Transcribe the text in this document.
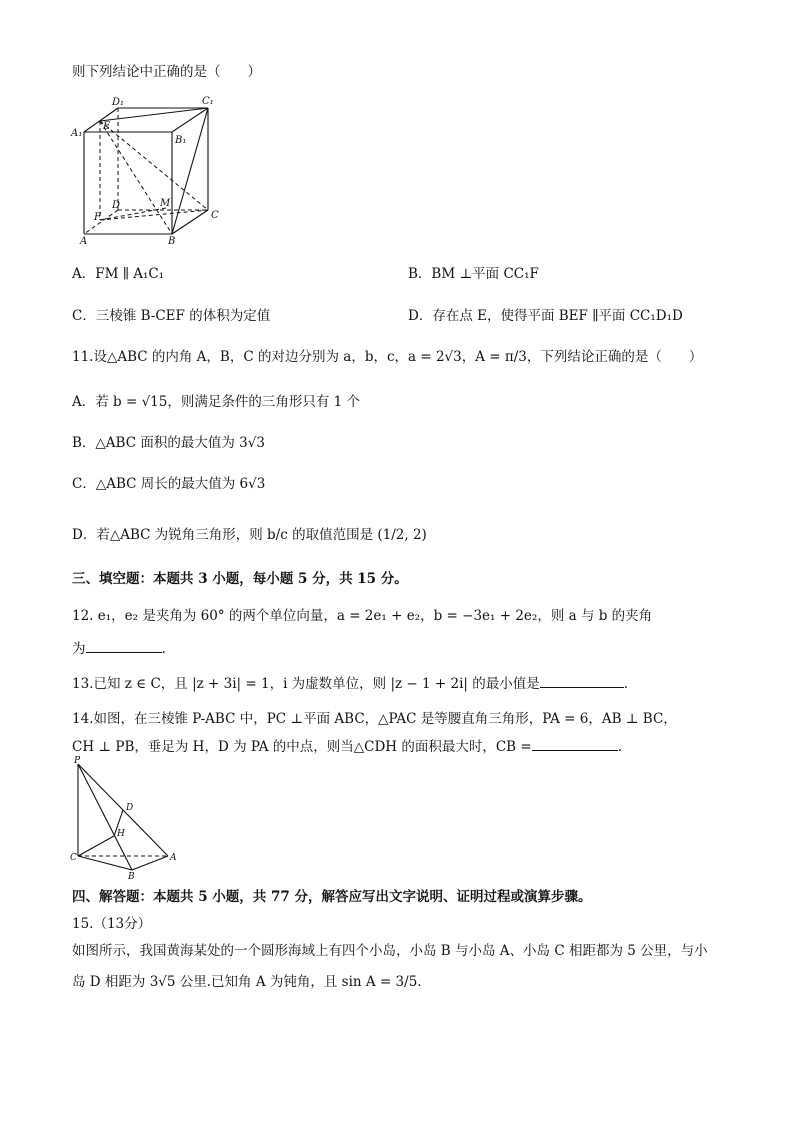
则下列结论中正确的是（　　）
D₁	C₁
A₁
E
B₁
D	M
F	C
A	B
A．FM ∥ A₁C₁	B．BM ⊥平面 CC₁F
C．三棱锥 B-CEF 的体积为定值	D．存在点 E，使得平面 BEF ∥平面 CC₁D₁D
11.设△ABC 的内角 A，B，C 的对边分别为 a，b，c，a = 2√3，A = π/3，下列结论正确的是（　　）
A．若 b = √15，则满足条件的三角形只有 1 个
B．△ABC 面积的最大值为 3√3
C．△ABC 周长的最大值为 6√3
D．若△ABC 为锐角三角形，则 b/c 的取值范围是 (1/2, 2)
三、填空题：本题共 3 小题，每小题 5 分，共 15 分。
12. e₁，e₂ 是夹角为 60° 的两个单位向量，a = 2e₁ + e₂，b = −3e₁ + 2e₂，则 a 与 b 的夹角
为	.
13.已知 z ∈ C，且 |z + 3i| = 1，i 为虚数单位，则 |z − 1 + 2i| 的最小值是	.
14.如图，在三棱锥 P-ABC 中，PC ⊥平面 ABC，△PAC 是等腰直角三角形，PA = 6，AB ⊥ BC，
CH ⊥ PB，垂足为 H，D 为 PA 的中点，则当△CDH 的面积最大时，CB =	.
P
D
H
C	A
B
四、解答题：本题共 5 小题，共 77 分，解答应写出文字说明、证明过程或演算步骤。
15.（13分）
如图所示，我国黄海某处的一个圆形海域上有四个小岛，小岛 B 与小岛 A、小岛 C 相距都为 5 公里，与小
岛 D 相距为 3√5 公里.已知角 A 为钝角，且 sin A = 3/5.
